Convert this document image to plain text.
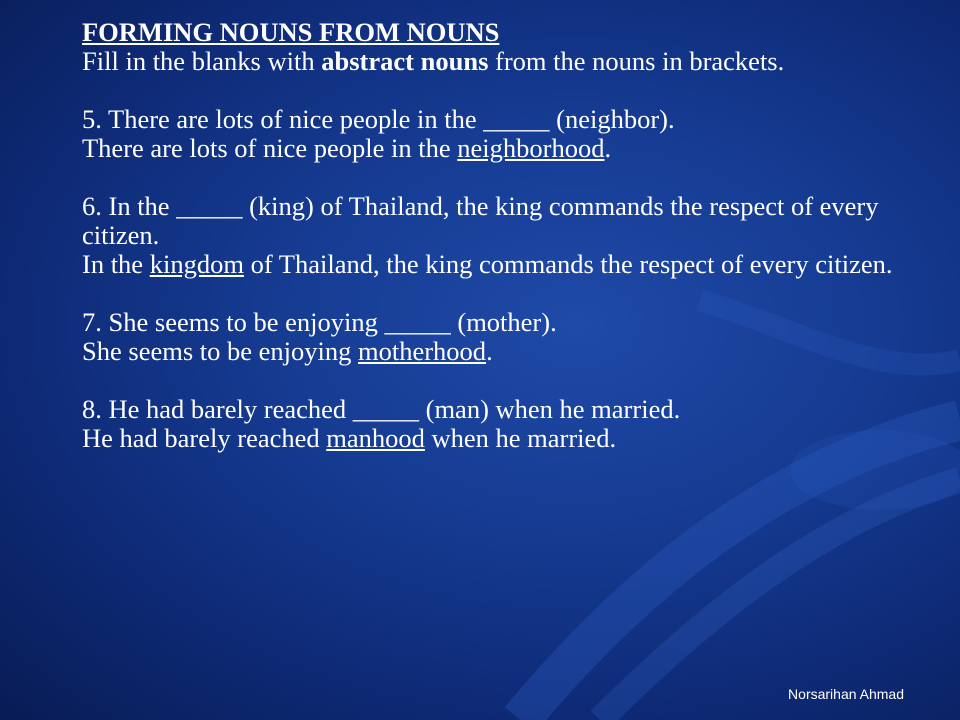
FORMING NOUNS FROM NOUNS

Fill in the blanks with abstract nouns from the nouns in brackets.

5. There are lots of nice people in the _____ (neighbor).

There are lots of nice people in the neighborhood.

6. In the _____ (king) of Thailand, the king commands the respect of every citizen.

In the kingdom of Thailand, the king commands the respect of every citizen.

7. She seems to be enjoying _____ (mother).

She seems to be enjoying motherhood.

8. He had barely reached _____ (man) when he married.

He had barely reached manhood when he married.

Norsarihan Ahmad
